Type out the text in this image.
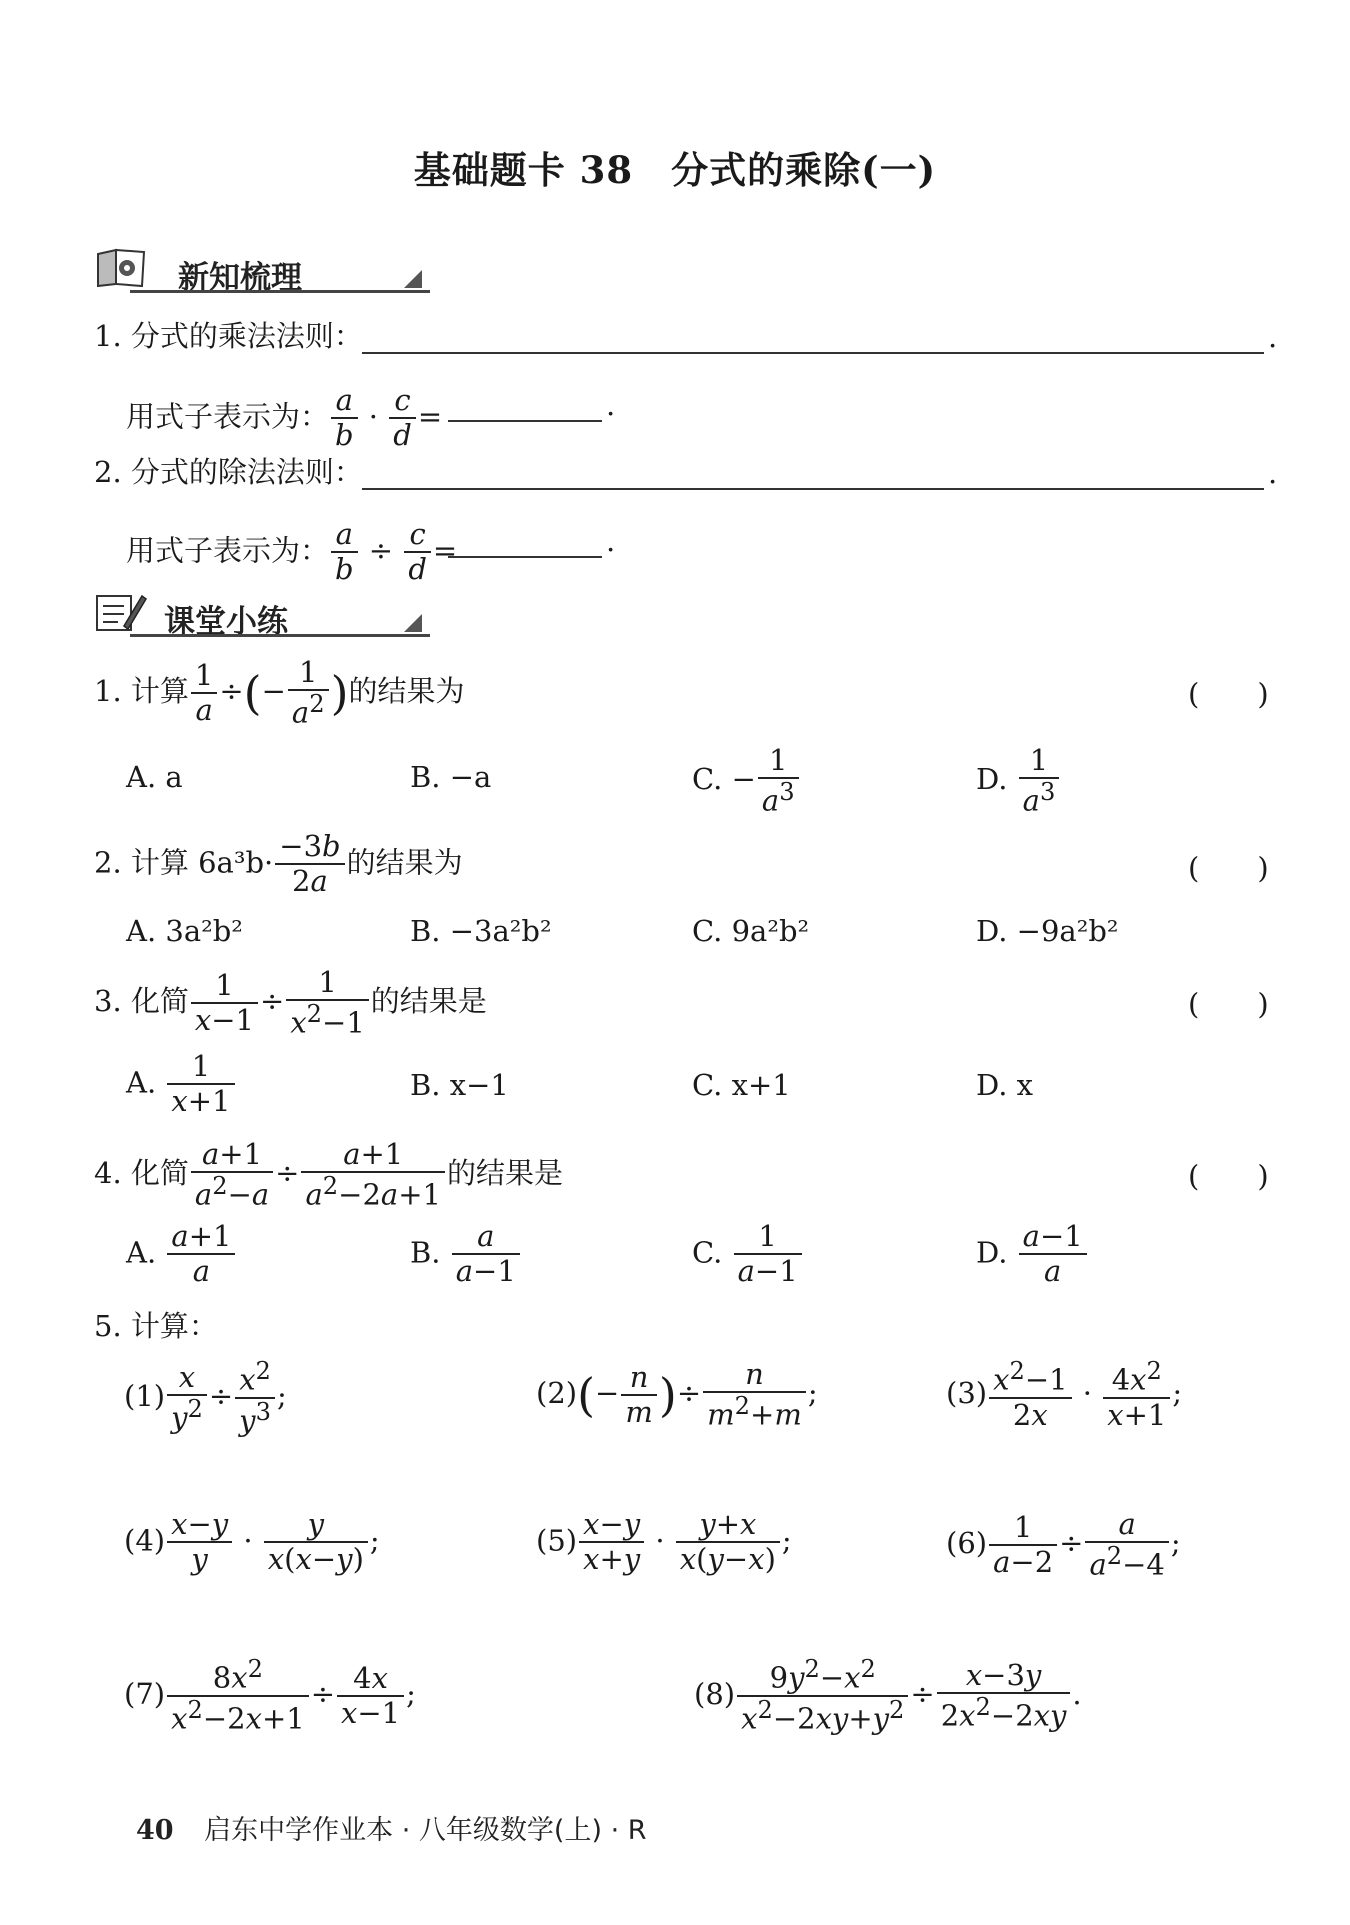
基础题卡 38　分式的乘除(一)
新知梳理
1. 分式的乘法法则：	.
用式子表示为： $\frac{a}{b} \cdot \frac{c}{d}$ =	.
2. 分式的除法法则：	.
用式子表示为： $\frac{a}{b} \div \frac{c}{d}$ =	.
课堂小练
1. 计算 $\frac{1}{a}$ ÷(− $\frac{1}{a^2}$ )的结果为	(　　)
A. a	B. −a	C. − $\frac{1}{a^3}$	D. $\frac{1}{a^3}$
2. 计算 $6a^3b\cdot \frac{-3b}{2a}$ 的结果为	(　　)
A. 3a²b²	B. −3a²b²	C. 9a²b²	D. −9a²b²
3. 化简 $\frac{1}{x-1} \div \frac{1}{x^2-1}$ 的结果是	(　　)
A. $\frac{1}{x+1}$	B. x−1	C. x+1	D. x
4. 化简 $\frac{a+1}{a^2-a} \div \frac{a+1}{a^2-2a+1}$ 的结果是	(　　)
A. $\frac{a+1}{a}$	B. $\frac{a}{a-1}$	C. $\frac{1}{a-1}$	D. $\frac{a-1}{a}$
5. 计算：
$(1) \frac{x}{y^2} \div \frac{x^2}{y^3}$ ;	$(2)(- \frac{n}{m}$ )÷ $\frac{n}{m^2+m}$ ;	$(3) \frac{x^2-1}{2x} \cdot \frac{4x^2}{x+1}$ ;
$(4) \frac{x-y}{y} \cdot \frac{y}{x(x-y)}$ ;	$(5) \frac{x-y}{x+y} \cdot \frac{y+x}{x(y-x)}$ ;	$(6) \frac{1}{a-2} \div \frac{a}{a^2-4}$ ;
$(7) \frac{8x^2}{x^2-2x+1} \div \frac{4x}{x-1}$ ;	$(8) \frac{9y^2-x^2}{x^2-2xy+y^2} \div \frac{x-3y}{2x^2-2xy}$ .
40 启东中学作业本 · 八年级数学(上) · R
